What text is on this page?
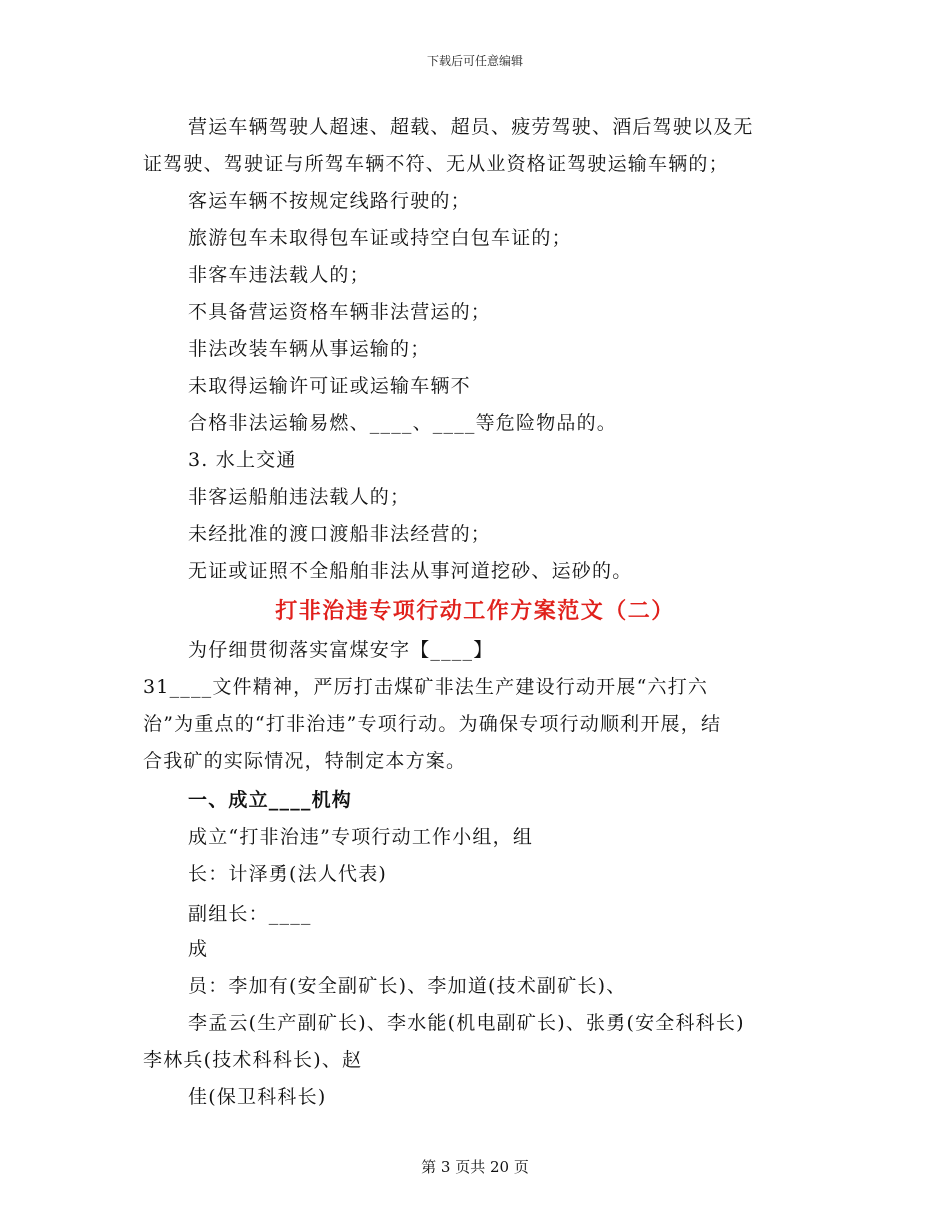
下载后可任意编辑
营运车辆驾驶人超速、超载、超员、疲劳驾驶、酒后驾驶以及无
证驾驶、驾驶证与所驾车辆不符、无从业资格证驾驶运输车辆的；
客运车辆不按规定线路行驶的；
旅游包车未取得包车证或持空白包车证的；
非客车违法载人的；
不具备营运资格车辆非法营运的；
非法改装车辆从事运输的；
未取得运输许可证或运输车辆不
合格非法运输易燃、____、____等危险物品的。
3. 水上交通
非客运船舶违法载人的；
未经批准的渡口渡船非法经营的；
无证或证照不全船舶非法从事河道挖砂、运砂的。
打非治违专项行动工作方案范文（二）
为仔细贯彻落实富煤安字【____】
31____文件精神，严厉打击煤矿非法生产建设行动开展“六打六
治”为重点的“打非治违”专项行动。为确保专项行动顺利开展，结
合我矿的实际情况，特制定本方案。
一、成立____机构
成立“打非治违”专项行动工作小组，组
长：计泽勇(法人代表)
副组长：____
成
员：李加有(安全副矿长)、李加道(技术副矿长)、
李孟云(生产副矿长)、李水能(机电副矿长)、张勇(安全科科长)
李林兵(技术科科长)、赵
佳(保卫科科长)
第 3 页共 20 页
